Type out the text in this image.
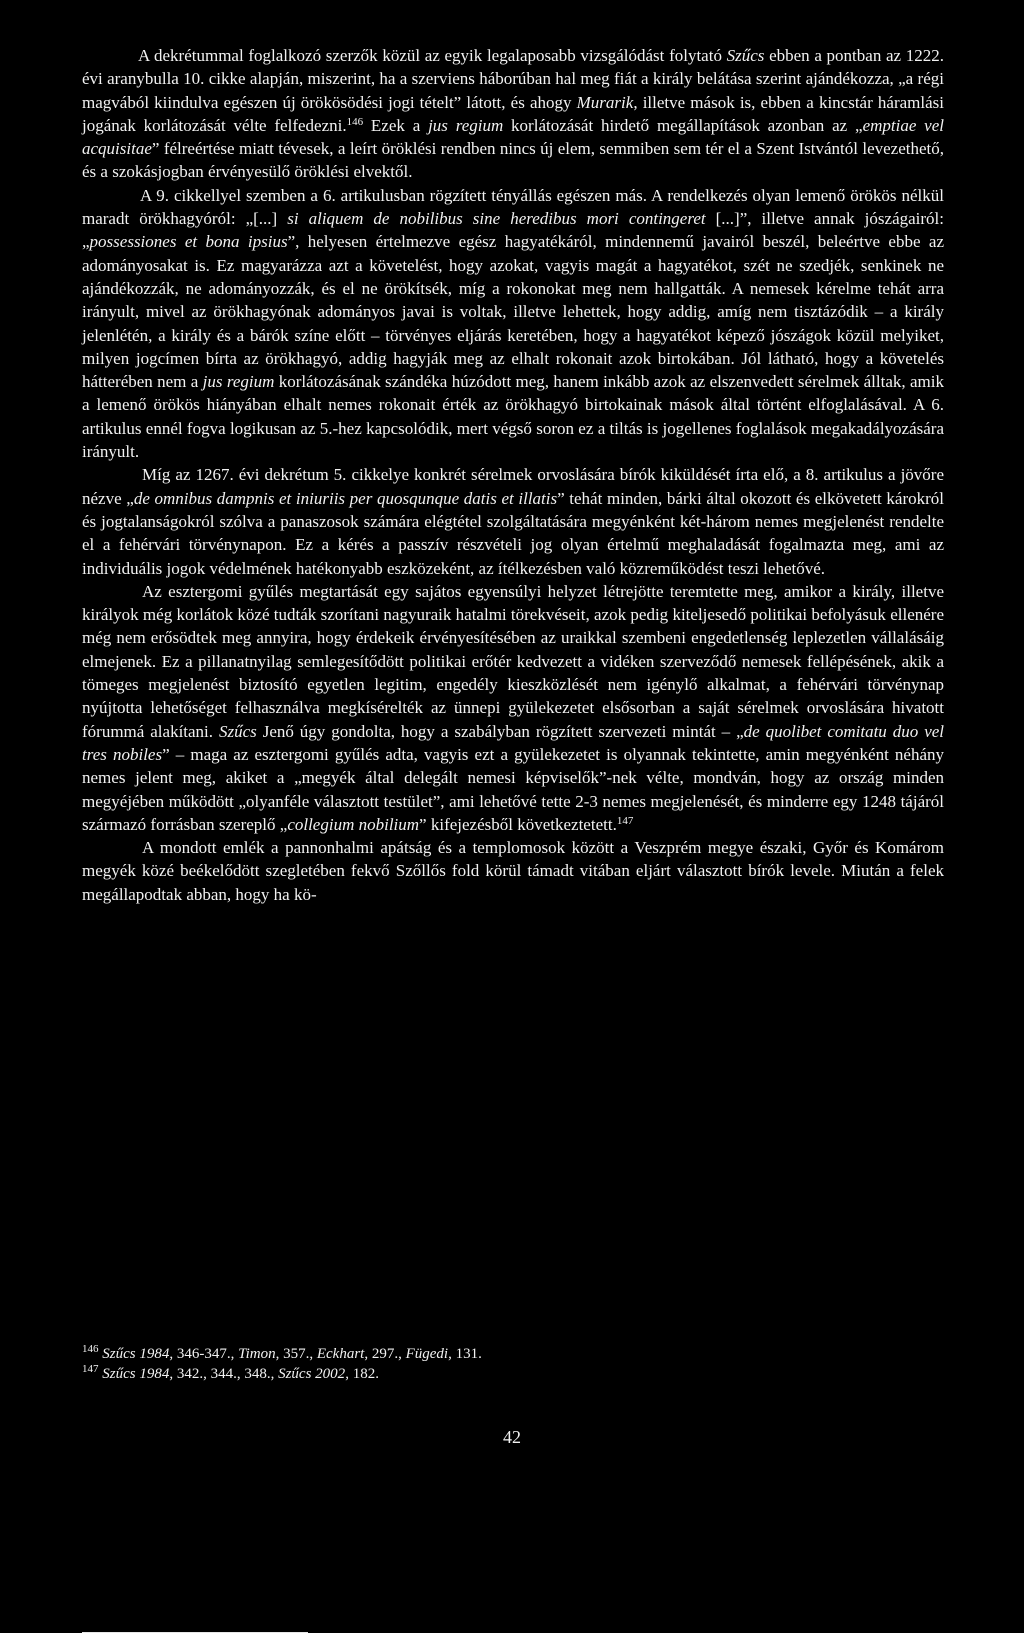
A dekrétummal foglalkozó szerzők közül az egyik legalaposabb vizsgálódást folytató Szűcs ebben a pontban az 1222. évi aranybulla 10. cikke alapján, miszerint, ha a szerviens háborúban hal meg fiát a király belátása szerint ajándékozza, „a régi magvából kiindulva egészen új örökösödési jogi tételt” látott, és ahogy Murarik, illetve mások is, ebben a kincstár háramlási jogának korlátozását vélte felfedezni.$^{146}$ Ezek a jus regium korlátozását hirdető megállapítások azonban az „emptiae vel acquisitae” félreértése miatt tévesek, a leírt öröklési rendben nincs új elem, semmiben sem tér el a Szent Istvántól levezethető, és a szokásjogban érvényesülő öröklési elvektől.

A 9. cikkellyel szemben a 6. artikulusban rögzített tényállás egészen más. A rendelkezés olyan lemenő örökös nélkül maradt örökhagyóról: „[...] si aliquem de nobilibus sine heredibus mori contingeret [...]”, illetve annak jószágairól: „possessiones et bona ipsius”, helyesen értelmezve egész hagyatékáról, mindennemű javairól beszél, beleértve ebbe az adományosakat is. Ez magyarázza azt a követelést, hogy azokat, vagyis magát a hagyatékot, szét ne szedjék, senkinek ne ajándékozzák, ne adományozzák, és el ne örökítsék, míg a rokonokat meg nem hallgatták. A nemesek kérelme tehát arra irányult, mivel az örökhagyónak adományos javai is voltak, illetve lehettek, hogy addig, amíg nem tisztázódik – a király jelenlétén, a király és a bárók színe előtt – törvényes eljárás keretében, hogy a hagyatékot képező jószágok közül melyiket, milyen jogcímen bírta az örökhagyó, addig hagyják meg az elhalt rokonait azok birtokában. Jól látható, hogy a követelés hátterében nem a jus regium korlátozásának szándéka húzódott meg, hanem inkább azok az elszenvedett sérelmek álltak, amik a lemenő örökös hiányában elhalt nemes rokonait érték az örökhagyó birtokainak mások által történt elfoglalásával. A 6. artikulus ennél fogva logikusan az 5.-hez kapcsolódik, mert végső soron ez a tiltás is jogellenes foglalások megakadályozására irányult.

Míg az 1267. évi dekrétum 5. cikkelye konkrét sérelmek orvoslására bírók kiküldését írta elő, a 8. artikulus a jövőre nézve „de omnibus dampnis et iniuriis per quosqunque datis et illatis” tehát minden, bárki által okozott és elkövetett károkról és jogtalanságokról szólva a panaszosok számára elégtétel szolgáltatására megyénként két-három nemes megjelenést rendelte el a fehérvári törvénynapon. Ez a kérés a passzív részvételi jog olyan értelmű meghaladását fogalmazta meg, ami az individuális jogok védelmének hatékonyabb eszközeként, az ítélkezésben való közreműködést teszi lehetővé.

Az esztergomi gyűlés megtartását egy sajátos egyensúlyi helyzet létrejötte teremtette meg, amikor a király, illetve királyok még korlátok közé tudták szorítani nagyuraik hatalmi törekvéseit, azok pedig kiteljesedő politikai befolyásuk ellenére még nem erősödtek meg annyira, hogy érdekeik érvényesítésében az uraikkal szembeni engedetlenség leplezetlen vállalásáig elmejenek. Ez a pillanatnyilag semlegesítődött politikai erőtér kedvezett a vidéken szerveződő nemesek fellépésének, akik a tömeges megjelenést biztosító egyetlen legitim, engedély kieszközlését nem igénylő alkalmat, a fehérvári törvénynap nyújtotta lehetőséget felhasználva megkísérelték az ünnepi gyülekezetet elsősorban a saját sérelmek orvoslására hivatott fórummá alakítani. Szűcs Jenő úgy gondolta, hogy a szabályban rögzített szervezeti mintát – „de quolibet comitatu duo vel tres nobiles” – maga az esztergomi gyűlés adta, vagyis ezt a gyülekezetet is olyannak tekintette, amin megyénként néhány nemes jelent meg, akiket a „megyék által delegált nemesi képviselők”-nek vélte, mondván, hogy az ország minden megyéjében működött „olyanféle választott testület”, ami lehetővé tette 2-3 nemes megjelenését, és minderre egy 1248 tájáról származó forrásban szereplő „collegium nobilium” kifejezésből következtetett.$^{147}$

A mondott emlék a pannonhalmi apátság és a templomosok között a Veszprém megye északi, Győr és Komárom megyék közé beékelődött szegletében fekvő Szőllős fold körül támadt vitában eljárt választott bírók levele. Miután a felek megállapodtak abban, hogy ha kö-

$^{146}$ Szűcs 1984, 346-347., Timon, 357., Eckhart, 297., Fügedi, 131.

$^{147}$ Szűcs 1984, 342., 344., 348., Szűcs 2002, 182.

42
